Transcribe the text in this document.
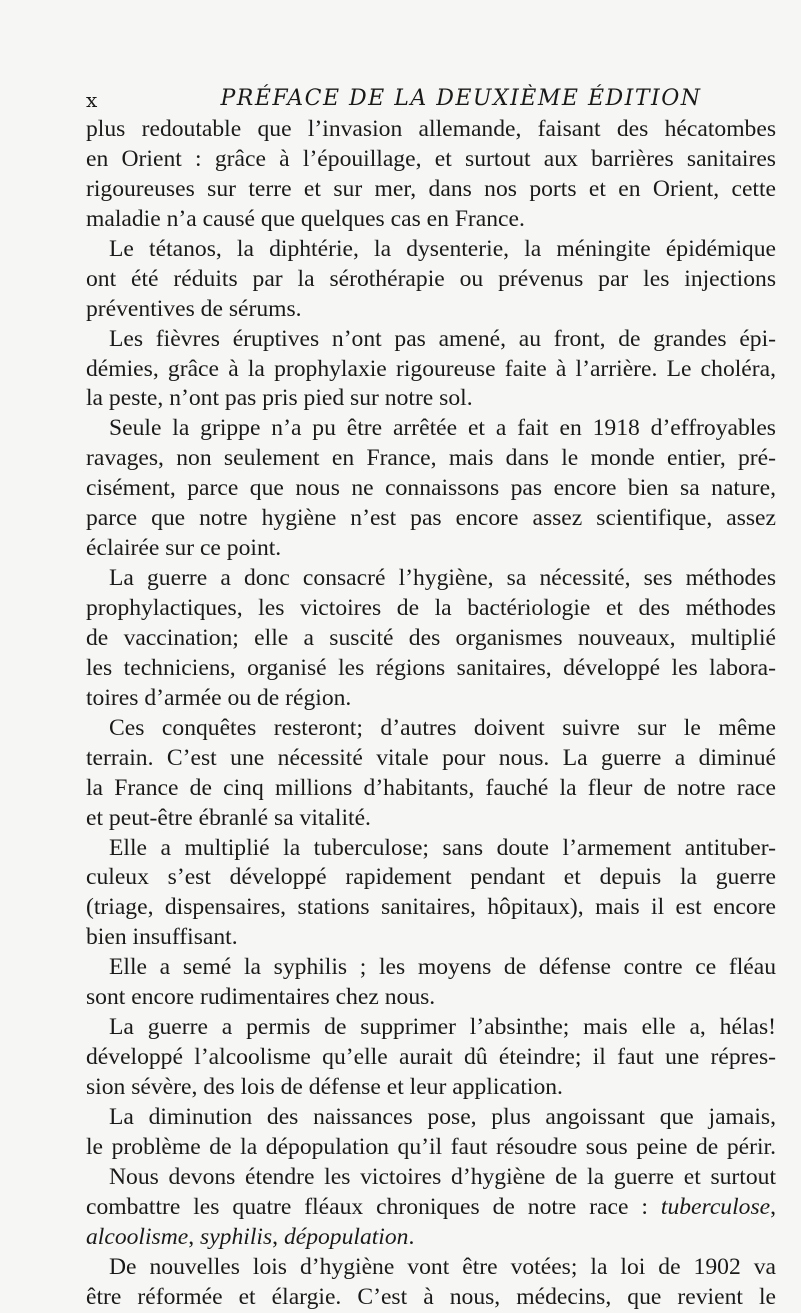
x	PRÉFACE DE LA DEUXIÈME ÉDITION
plus redoutable que l’invasion allemande, faisant des hécatombes
en Orient : grâce à l’épouillage, et surtout aux barrières sanitaires
rigoureuses sur terre et sur mer, dans nos ports et en Orient, cette
maladie n’a causé que quelques cas en France.
Le tétanos, la diphtérie, la dysenterie, la méningite épidémique
ont été réduits par la sérothérapie ou prévenus par les injections
préventives de sérums.
Les fièvres éruptives n’ont pas amené, au front, de grandes épi-
démies, grâce à la prophylaxie rigoureuse faite à l’arrière. Le choléra,
la peste, n’ont pas pris pied sur notre sol.
Seule la grippe n’a pu être arrêtée et a fait en 1918 d’effroyables
ravages, non seulement en France, mais dans le monde entier, pré-
cisément, parce que nous ne connaissons pas encore bien sa nature,
parce que notre hygiène n’est pas encore assez scientifique, assez
éclairée sur ce point.
La guerre a donc consacré l’hygiène, sa nécessité, ses méthodes
prophylactiques, les victoires de la bactériologie et des méthodes
de vaccination; elle a suscité des organismes nouveaux, multiplié
les techniciens, organisé les régions sanitaires, développé les labora-
toires d’armée ou de région.
Ces conquêtes resteront; d’autres doivent suivre sur le même
terrain. C’est une nécessité vitale pour nous. La guerre a diminué
la France de cinq millions d’habitants, fauché la fleur de notre race
et peut-être ébranlé sa vitalité.
Elle a multiplié la tuberculose; sans doute l’armement antituber-
culeux s’est développé rapidement pendant et depuis la guerre
(triage, dispensaires, stations sanitaires, hôpitaux), mais il est encore
bien insuffisant.
Elle a semé la syphilis ; les moyens de défense contre ce fléau
sont encore rudimentaires chez nous.
La guerre a permis de supprimer l’absinthe; mais elle a, hélas!
développé l’alcoolisme qu’elle aurait dû éteindre; il faut une répres-
sion sévère, des lois de défense et leur application.
La diminution des naissances pose, plus angoissant que jamais,
le problème de la dépopulation qu’il faut résoudre sous peine de périr.
Nous devons étendre les victoires d’hygiène de la guerre et surtout
combattre les quatre fléaux chroniques de notre race : tuberculose,
alcoolisme, syphilis, dépopulation.
De nouvelles lois d’hygiène vont être votées; la loi de 1902 va
être réformée et élargie. C’est à nous, médecins, que revient le
